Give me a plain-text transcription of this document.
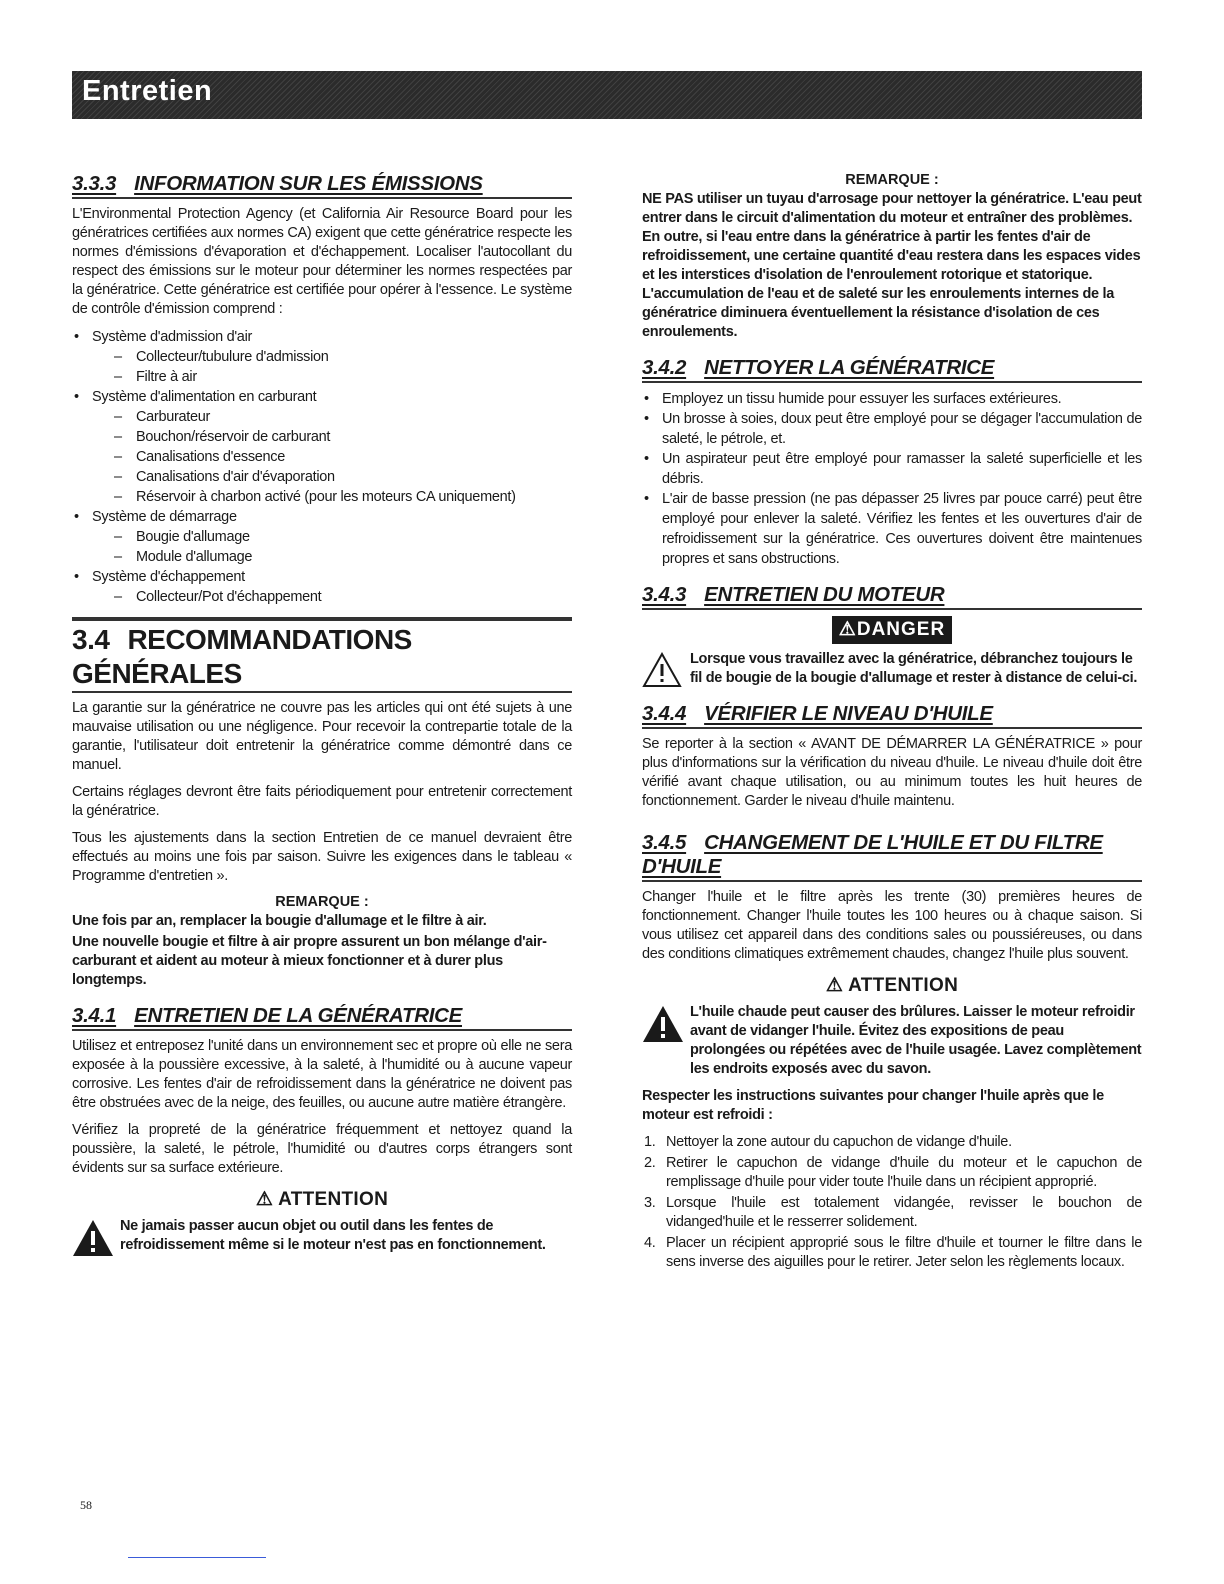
Entretien
3.3.3 INFORMATION SUR LES ÉMISSIONS

L'Environmental Protection Agency (et California Air Resource Board pour les génératrices certifiées aux normes CA) exigent que cette génératrice respecte les normes d'émissions d'évaporation et d'échappement. Localiser l'autocollant du respect des émissions sur le moteur pour déterminer les normes respectées par la génératrice. Cette génératrice est certifiée pour opérer à l'essence. Le système de contrôle d'émission comprend :

• Système d'admission d'air
– Collecteur/tubulure d'admission
– Filtre à air
• Système d'alimentation en carburant
– Carburateur
– Bouchon/réservoir de carburant
– Canalisations d'essence
– Canalisations d'air d'évaporation
– Réservoir à charbon activé (pour les moteurs CA uniquement)
• Système de démarrage
– Bougie d'allumage
– Module d'allumage
• Système d'échappement
– Collecteur/Pot d'échappement
3.4 RECOMMANDATIONS GÉNÉRALES

La garantie sur la génératrice ne couvre pas les articles qui ont été sujets à une mauvaise utilisation ou une négligence. Pour recevoir la contrepartie totale de la garantie, l'utilisateur doit entretenir la génératrice comme démontré dans ce manuel.

Certains réglages devront être faits périodiquement pour entretenir correctement la génératrice.

Tous les ajustements dans la section Entretien de ce manuel devraient être effectués au moins une fois par saison. Suivre les exigences dans le tableau « Programme d'entretien ».

REMARQUE :

Une fois par an, remplacer la bougie d'allumage et le filtre à air.

Une nouvelle bougie et filtre à air propre assurent un bon mélange d'air-carburant et aident au moteur à mieux fonctionner et à durer plus longtemps.

3.4.1 ENTRETIEN DE LA GÉNÉRATRICE

Utilisez et entreposez l'unité dans un environnement sec et propre où elle ne sera exposée à la poussière excessive, à la saleté, à l'humidité ou à aucune vapeur corrosive. Les fentes d'air de refroidissement dans la génératrice ne doivent pas être obstruées avec de la neige, des feuilles, ou aucune autre matière étrangère.

Vérifiez la propreté de la génératrice fréquemment et nettoyez quand la poussière, la saleté, le pétrole, l'humidité ou d'autres corps étrangers sont évidents sur sa surface extérieure.

⚠ ATTENTION

Ne jamais passer aucun objet ou outil dans les fentes de refroidissement même si le moteur n'est pas en fonctionnement.

REMARQUE :

NE PAS utiliser un tuyau d'arrosage pour nettoyer la génératrice. L'eau peut entrer dans le circuit d'alimentation du moteur et entraîner des problèmes. En outre, si l'eau entre dans la génératrice à partir les fentes d'air de refroidissement, une certaine quantité d'eau restera dans les espaces vides et les interstices d'isolation de l'enroulement rotorique et statorique. L'accumulation de l'eau et de saleté sur les enroulements internes de la génératrice diminuera éventuellement la résistance d'isolation de ces enroulements.

3.4.2 NETTOYER LA GÉNÉRATRICE
• Employez un tissu humide pour essuyer les surfaces extérieures.
• Un brosse à soies, doux peut être employé pour se dégager l'accumulation de saleté, le pétrole, et.
• Un aspirateur peut être employé pour ramasser la saleté superficielle et les débris.
• L'air de basse pression (ne pas dépasser 25 livres par pouce carré) peut être employé pour enlever la saleté. Vérifiez les fentes et les ouvertures d'air de refroidissement sur la génératrice. Ces ouvertures doivent être maintenues propres et sans obstructions.
3.4.3 ENTRETIEN DU MOTEUR
⚠DANGER

Lorsque vous travaillez avec la génératrice, débranchez toujours le fil de bougie de la bougie d'allumage et rester à distance de celui-ci.

3.4.4 VÉRIFIER LE NIVEAU D'HUILE

Se reporter à la section « AVANT DE DÉMARRER LA GÉNÉRATRICE » pour plus d'informations sur la vérification du niveau d'huile. Le niveau d'huile doit être vérifié avant chaque utilisation, ou au minimum toutes les huit heures de fonctionnement. Garder le niveau d'huile maintenu.

3.4.5 CHANGEMENT DE L'HUILE ET DU FILTRE D'HUILE

Changer l'huile et le filtre après les trente (30) premières heures de fonctionnement. Changer l'huile toutes les 100 heures ou à chaque saison. Si vous utilisez cet appareil dans des conditions sales ou poussiéreuses, ou dans des conditions climatiques extrêmement chaudes, changez l'huile plus souvent.

⚠ ATTENTION

L'huile chaude peut causer des brûlures. Laisser le moteur refroidir avant de vidanger l'huile. Évitez des expositions de peau prolongées ou répétées avec de l'huile usagée. Lavez complètement les endroits exposés avec du savon.

Respecter les instructions suivantes pour changer l'huile après que le moteur est refroidi :

1. Nettoyer la zone autour du capuchon de vidange d'huile.
2. Retirer le capuchon de vidange d'huile du moteur et le capuchon de remplissage d'huile pour vider toute l'huile dans un récipient approprié.
3. Lorsque l'huile est totalement vidangée, revisser le bouchon de vidanged'huile et le resserrer solidement.
4. Placer un récipient approprié sous le filtre d'huile et tourner le filtre dans le sens inverse des aiguilles pour le retirer. Jeter selon les règlements locaux.
58
